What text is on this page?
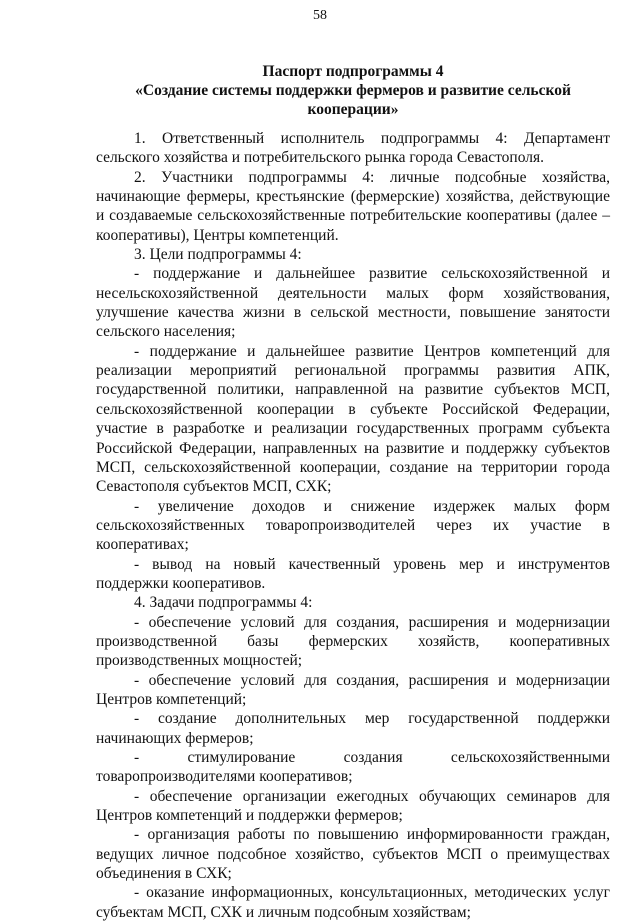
58
Паспорт подпрограммы 4
«Создание системы поддержки фермеров и развитие сельской
кооперации»

1. Ответственный исполнитель подпрограммы 4: Департамент сельского хозяйства и потребительского рынка города Севастополя.

2. Участники подпрограммы 4: личные подсобные хозяйства, начинающие фермеры, крестьянские (фермерские) хозяйства, действующие и создаваемые сельскохозяйственные потребительские кооперативы (далее – кооперативы), Центры компетенций.

3. Цели подпрограммы 4:

- поддержание и дальнейшее развитие сельскохозяйственной и несельскохозяйственной деятельности малых форм хозяйствования, улучшение качества жизни в сельской местности, повышение занятости сельского населения;

- поддержание и дальнейшее развитие Центров компетенций для реализации мероприятий региональной программы развития АПК, государственной политики, направленной на развитие субъектов МСП, сельскохозяйственной кооперации в субъекте Российской Федерации, участие в разработке и реализации государственных программ субъекта Российской Федерации, направленных на развитие и поддержку субъектов МСП, сельскохозяйственной кооперации, создание на территории города Севастополя субъектов МСП, СХК;

- увеличение доходов и снижение издержек малых форм сельскохозяйственных товаропроизводителей через их участие в кооперативах;

- вывод на новый качественный уровень мер и инструментов поддержки кооперативов.

4. Задачи подпрограммы 4:

- обеспечение условий для создания, расширения и модернизации производственной базы фермерских хозяйств, кооперативных производственных мощностей;

- обеспечение условий для создания, расширения и модернизации Центров компетенций;

- создание дополнительных мер государственной поддержки начинающих фермеров;

- стимулирование создания сельскохозяйственными товаропроизводителями кооперативов;

- обеспечение организации ежегодных обучающих семинаров для Центров компетенций и поддержки фермеров;

- организация работы по повышению информированности граждан, ведущих личное подсобное хозяйство, субъектов МСП о преимуществах объединения в СХК;

- оказание информационных, консультационных, методических услуг субъектам МСП, СХК и личным подсобным хозяйствам;
